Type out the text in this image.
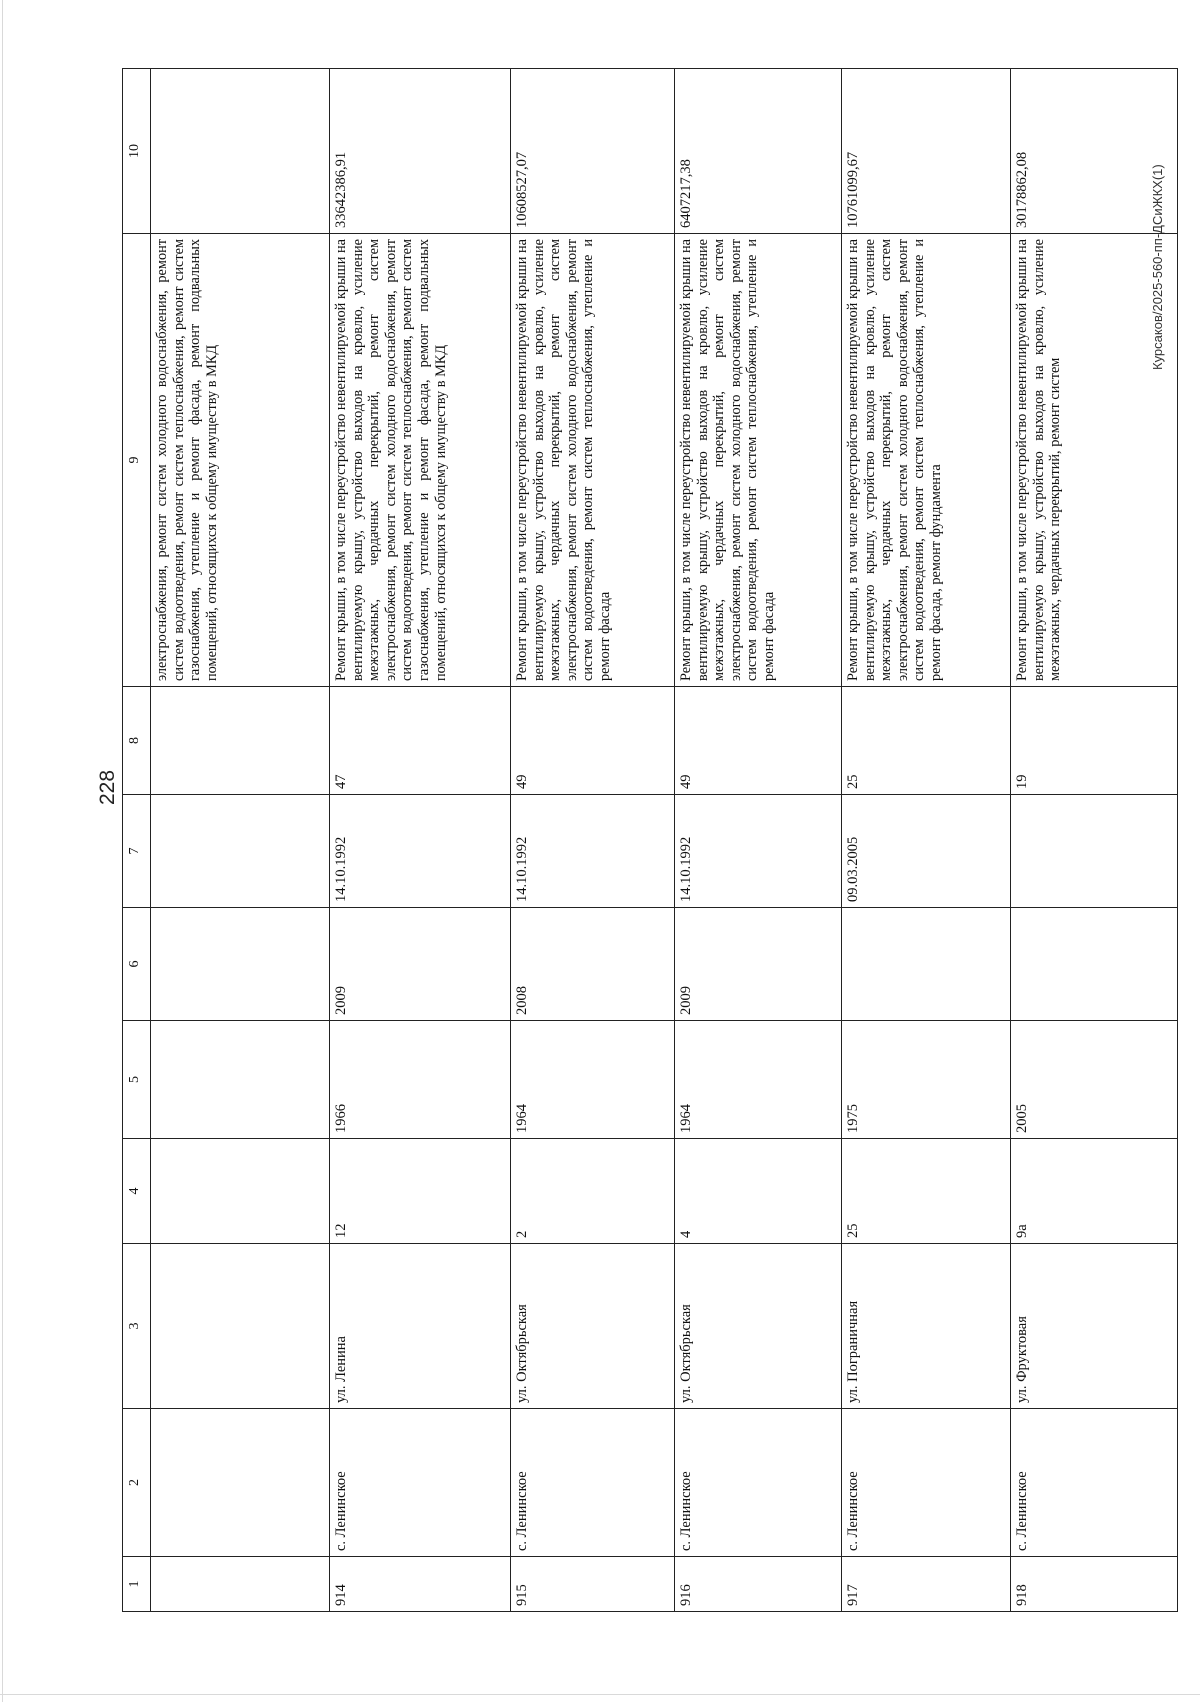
228
Курсаков/2025-560-пп-ДСиЖКХ(1)
1	2	3	4	5	6	7	8	9	10
								электроснабжения, ремонт систем холодного водоснабжения, ремонт систем водоотведения, ремонт систем теплоснабжения, ремонт систем газоснабжения, утепление и ремонт фасада, ремонт подвальных помещений, относящихся к общему имуществу в МКД	
914	с. Ленинское	ул. Ленина	12	1966	2009	14.10.1992	47	Ремонт крыши, в том числе переустройство невентилируемой крыши на вентилируемую крышу, устройство выходов на кровлю, усиление межэтажных, чердачных перекрытий, ремонт систем электроснабжения, ремонт систем холодного водоснабжения, ремонт систем водоотведения, ремонт систем теплоснабжения, ремонт систем газоснабжения, утепление и ремонт фасада, ремонт подвальных помещений, относящихся к общему имуществу в МКД	33642386,91
915	с. Ленинское	ул. Октябрьская	2	1964	2008	14.10.1992	49	Ремонт крыши, в том числе переустройство невентилируемой крыши на вентилируемую крышу, устройство выходов на кровлю, усиление межэтажных, чердачных перекрытий, ремонт систем электроснабжения, ремонт систем холодного водоснабжения, ремонт систем водоотведения, ремонт систем теплоснабжения, утепление и ремонт фасада	10608527,07
916	с. Ленинское	ул. Октябрьская	4	1964	2009	14.10.1992	49	Ремонт крыши, в том числе переустройство невентилируемой крыши на вентилируемую крышу, устройство выходов на кровлю, усиление межэтажных, чердачных перекрытий, ремонт систем электроснабжения, ремонт систем холодного водоснабжения, ремонт систем водоотведения, ремонт систем теплоснабжения, утепление и ремонт фасада	6407217,38
917	с. Ленинское	ул. Пограничная	25	1975		09.03.2005	25	Ремонт крыши, в том числе переустройство невентилируемой крыши на вентилируемую крышу, устройство выходов на кровлю, усиление межэтажных, чердачных перекрытий, ремонт систем электроснабжения, ремонт систем холодного водоснабжения, ремонт систем водоотведения, ремонт систем теплоснабжения, утепление и ремонт фасада, ремонт фундамента	10761099,67
918	с. Ленинское	ул. Фруктовая	9а	2005			19	Ремонт крыши, в том числе переустройство невентилируемой крыши на вентилируемую крышу, устройство выходов на кровлю, усиление межэтажных, чердачных перекрытий, ремонт систем	30178862,08
